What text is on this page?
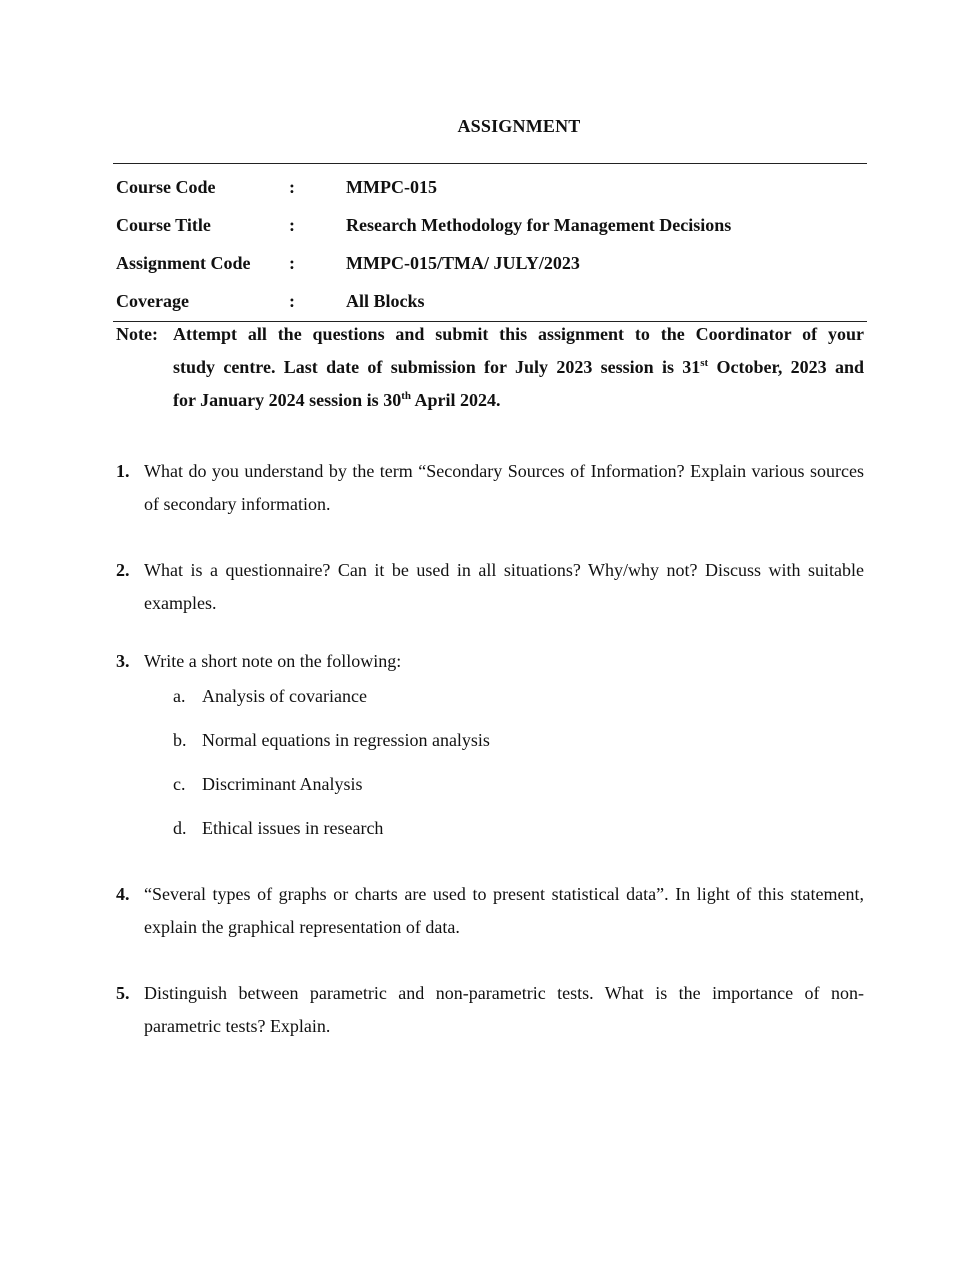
ASSIGNMENT
Course Code	:	MMPC-015
Course Title	:	Research Methodology for Management Decisions
Assignment Code	:	MMPC-015/TMA/ JULY/2023
Coverage	:	All Blocks
Note: Attempt all the questions and submit this assignment to the Coordinator of your
study centre. Last date of submission for July 2023 session is 31st October, 2023 and
for January 2024 session is 30th April 2024.
1. What do you understand by the term “Secondary Sources of Information? Explain various sources of secondary information.
2. What is a questionnaire? Can it be used in all situations? Why/why not? Discuss with suitable examples.
3. Write a short note on the following:
a. Analysis of covariance
b. Normal equations in regression analysis
c. Discriminant Analysis
d. Ethical issues in research
4. “Several types of graphs or charts are used to present statistical data”. In light of this statement, explain the graphical representation of data.
5. Distinguish between parametric and non-parametric tests. What is the importance of non-parametric tests? Explain.
